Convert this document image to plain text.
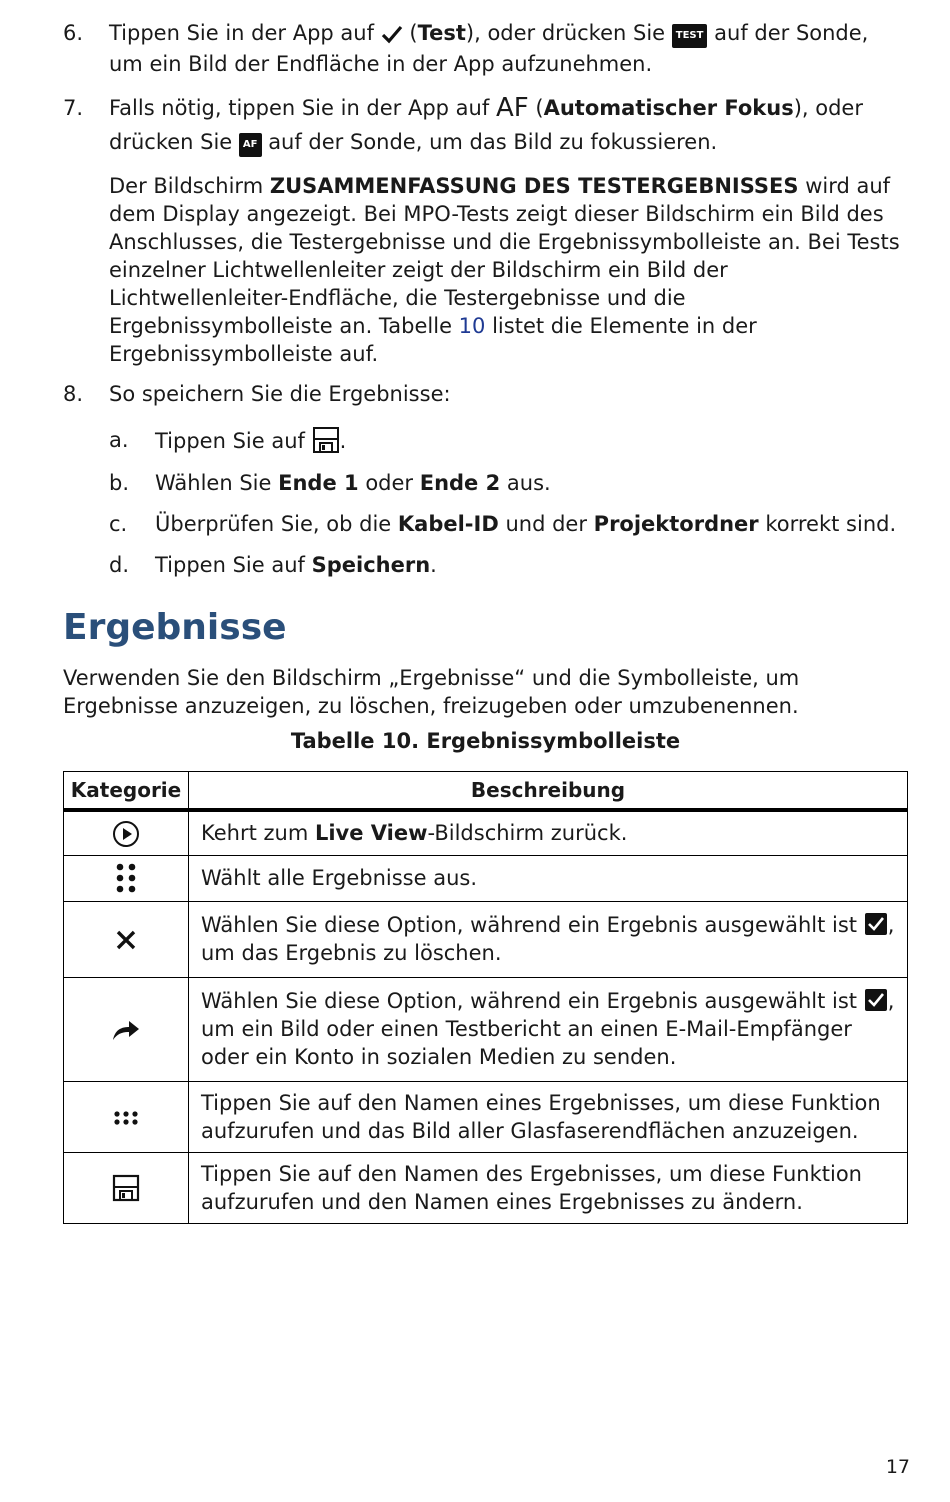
6.	Tippen Sie in der App auf (Test), oder drücken Sie TEST auf der Sonde,
um ein Bild der Endfläche in der App aufzunehmen.
7.	Falls nötig, tippen Sie in der App auf AF (Automatischer Fokus), oder
drücken Sie AF auf der Sonde, um das Bild zu fokussieren.
Der Bildschirm ZUSAMMENFASSUNG DES TESTERGEBNISSES wird auf dem Display angezeigt. Bei MPO-Tests zeigt dieser Bildschirm ein Bild des Anschlusses, die Testergebnisse und die Ergebnissymbolleiste an. Bei Tests einzelner Lichtwellenleiter zeigt der Bildschirm ein Bild der Lichtwellenleiter-Endfläche, die Testergebnisse und die Ergebnissymbolleiste an. Tabelle 10 listet die Elemente in der Ergebnissymbolleiste auf.
8.	So speichern Sie die Ergebnisse:
a.	Tippen Sie auf .
b.	Wählen Sie Ende 1 oder Ende 2 aus.
c.	Überprüfen Sie, ob die Kabel-ID und der Projektordner korrekt sind.
d.	Tippen Sie auf Speichern.
Ergebnisse
Verwenden Sie den Bildschirm „Ergebnisse“ und die Symbolleiste, um Ergebnisse anzuzeigen, zu löschen, freizugeben oder umzubenennen.
Tabelle 10. Ergebnissymbolleiste
Kategorie	Beschreibung
	Kehrt zum Live View-Bildschirm zurück.
	Wählt alle Ergebnisse aus.
	Wählen Sie diese Option, während ein Ergebnis ausgewählt ist ,
um das Ergebnis zu löschen.
	Wählen Sie diese Option, während ein Ergebnis ausgewählt ist ,
um ein Bild oder einen Testbericht an einen E-Mail-Empfänger oder ein Konto in sozialen Medien zu senden.
	Tippen Sie auf den Namen eines Ergebnisses, um diese Funktion aufzurufen und das Bild aller Glasfaserendflächen anzuzeigen.
	Tippen Sie auf den Namen des Ergebnisses, um diese Funktion aufzurufen und den Namen eines Ergebnisses zu ändern.
17
